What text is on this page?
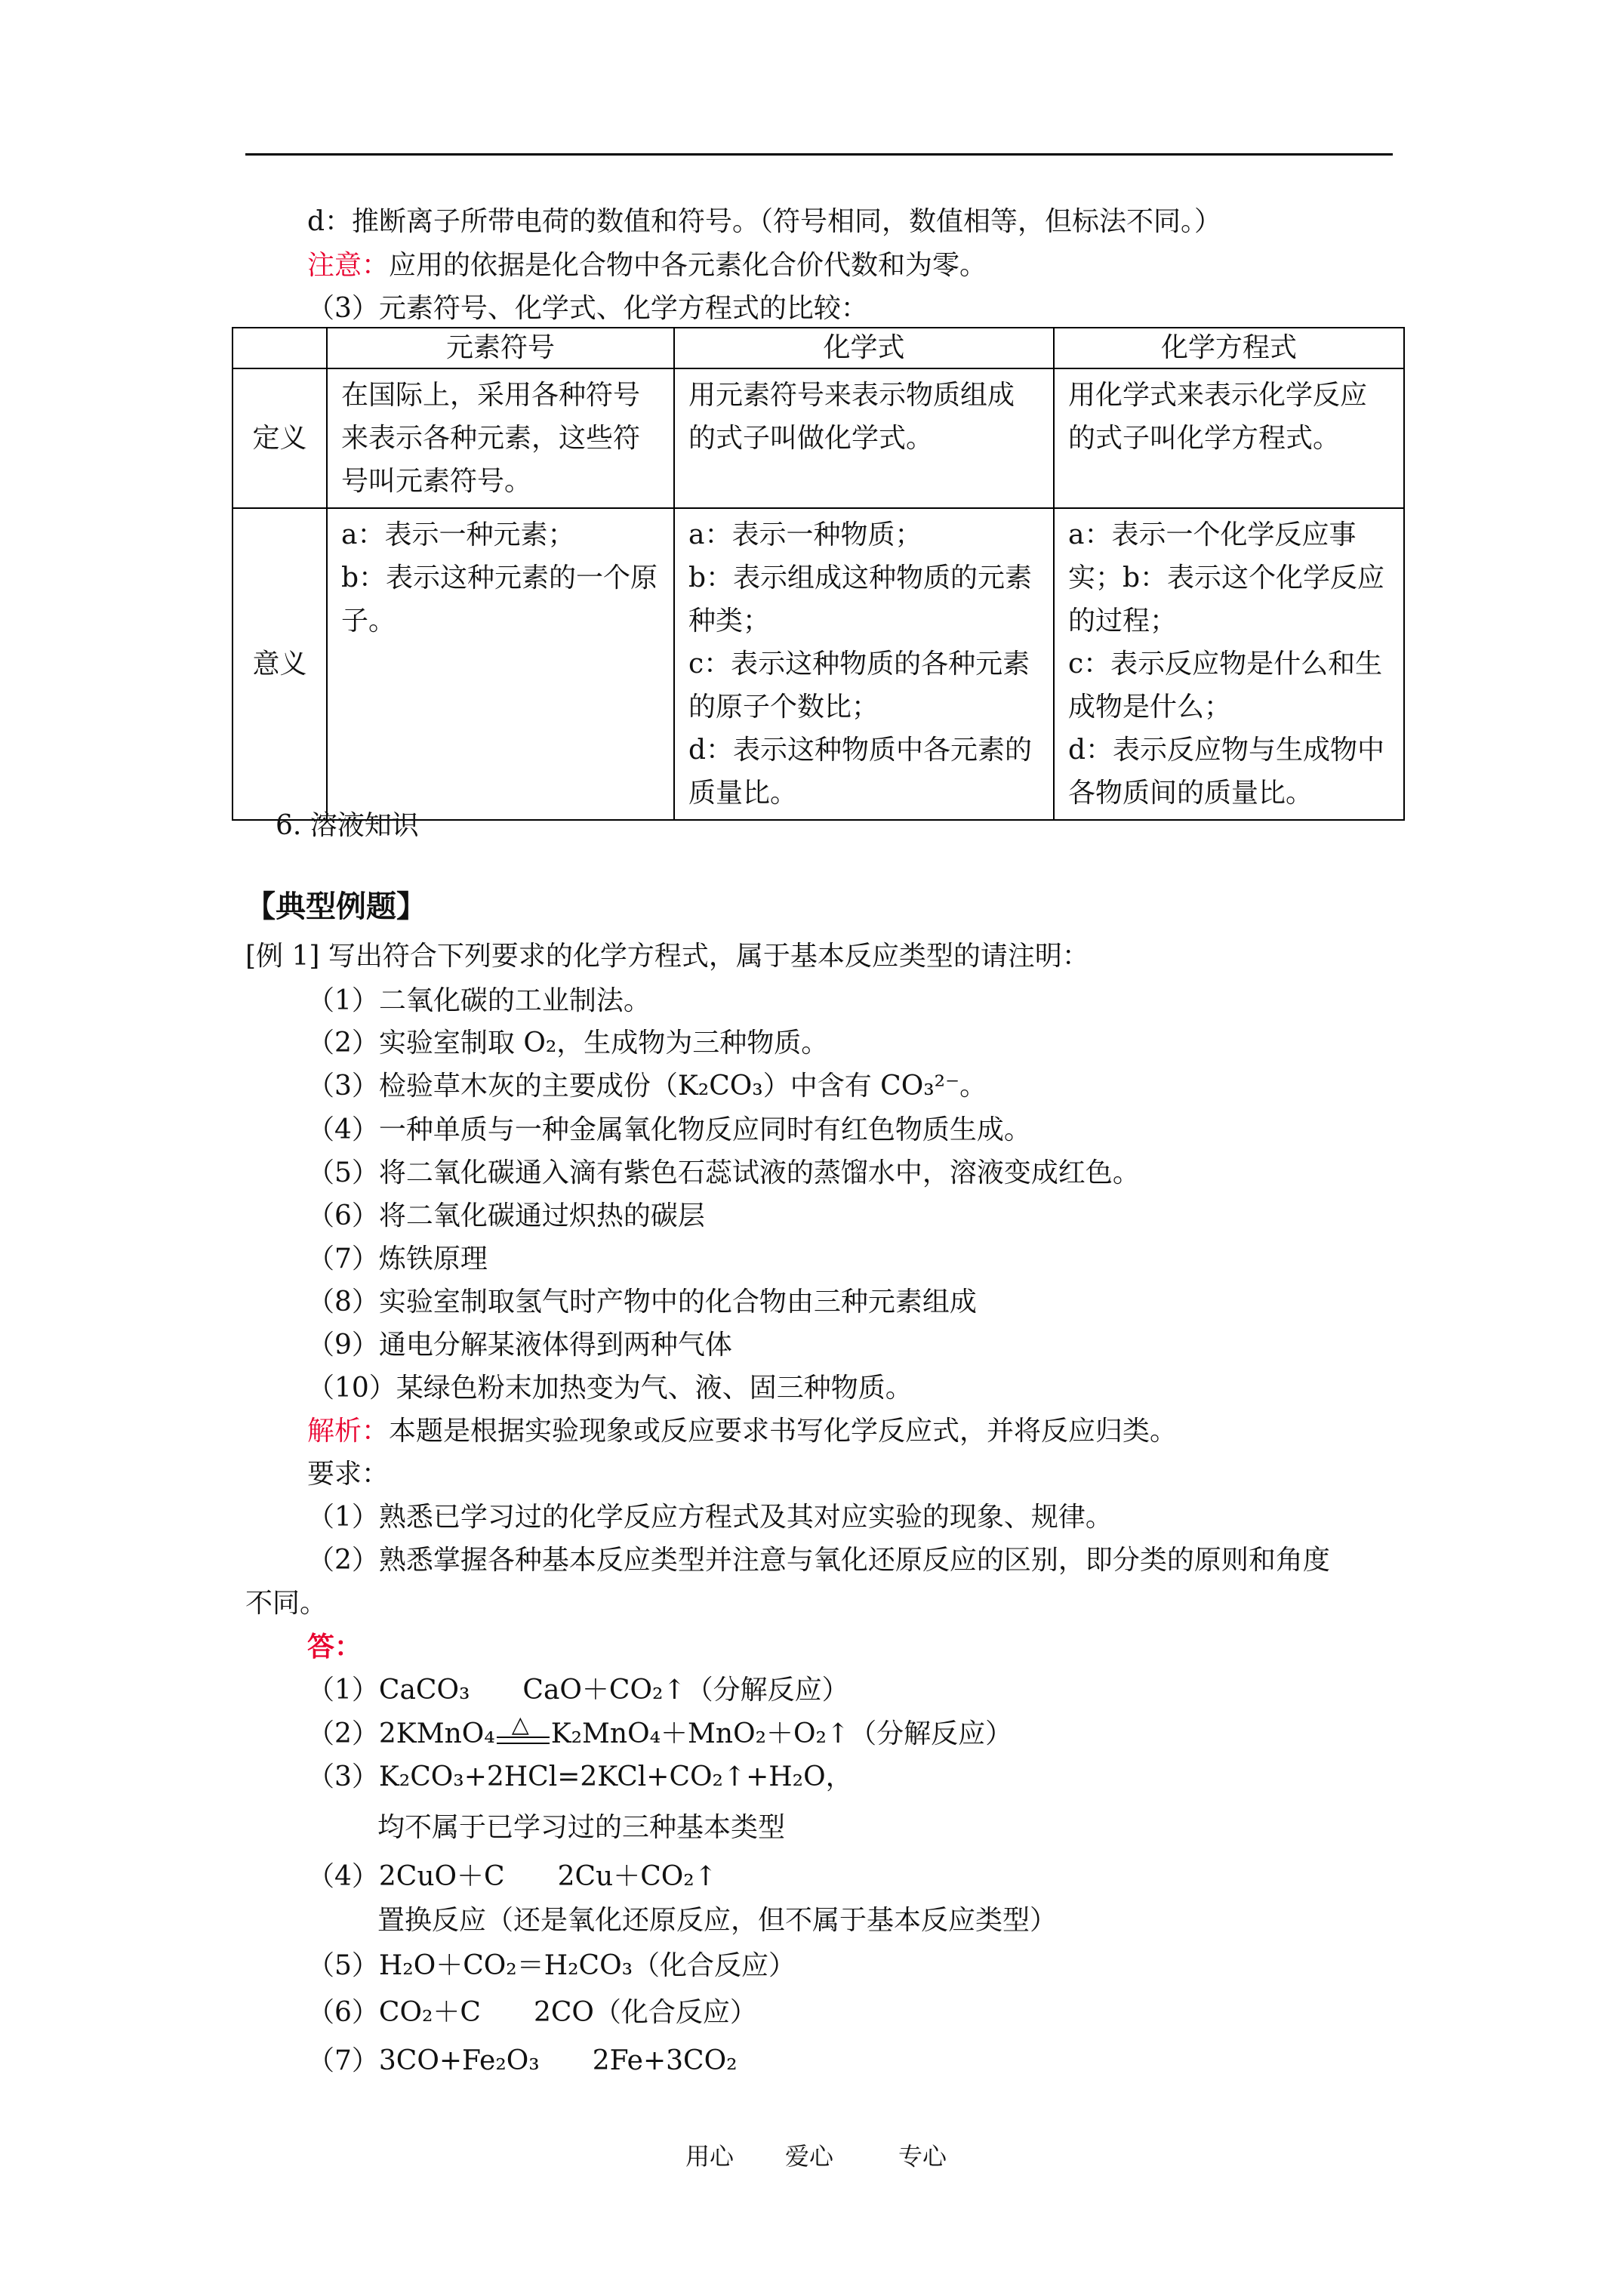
d：推断离子所带电荷的数值和符号。（符号相同，数值相等，但标法不同。）
注意：应用的依据是化合物中各元素化合价代数和为零。
（3）元素符号、化学式、化学方程式的比较：
	元素符号	化学式	化学方程式
定义	在国际上，采用各种符号来表示各种元素，这些符号叫元素符号。	用元素符号来表示物质组成的式子叫做化学式。	用化学式来表示化学反应的式子叫化学方程式。
意义	a：表示一种元素；
b：表示这种元素的一个原子。	a：表示一种物质；
b：表示组成这种物质的元素种类；
c：表示这种物质的各种元素的原子个数比；
d：表示这种物质中各元素的质量比。	a：表示一个化学反应事实；b：表示这个化学反应的过程；
c：表示反应物是什么和生成物是什么；
d：表示反应物与生成物中各物质间的质量比。
6. 溶液知识
【典型例题】
[例 1] 写出符合下列要求的化学方程式，属于基本反应类型的请注明：
（1）二氧化碳的工业制法。
（2）实验室制取 O₂，生成物为三种物质。
（3）检验草木灰的主要成份（K₂CO₃）中含有 CO₃²⁻。
（4）一种单质与一种金属氧化物反应同时有红色物质生成。
（5）将二氧化碳通入滴有紫色石蕊试液的蒸馏水中，溶液变成红色。
（6）将二氧化碳通过炽热的碳层
（7）炼铁原理
（8）实验室制取氢气时产物中的化合物由三种元素组成
（9）通电分解某液体得到两种气体
（10）某绿色粉末加热变为气、液、固三种物质。
解析：本题是根据实验现象或反应要求书写化学反应式，并将反应归类。
要求：
（1）熟悉已学习过的化学反应方程式及其对应实验的现象、规律。
（2）熟悉掌握各种基本反应类型并注意与氧化还原反应的区别，即分类的原则和角度
不同。
答：
（1）CaCO₃ CaO＋CO₂↑（分解反应）
（2）2KMnO₄ △ K₂MnO₄＋MnO₂＋O₂↑（分解反应）
（3）K₂CO₃+2HCl=2KCl+CO₂↑+H₂O，
均不属于已学习过的三种基本类型
（4）2CuO＋C 2Cu＋CO₂↑
置换反应（还是氧化还原反应，但不属于基本反应类型）
（5）H₂O＋CO₂＝H₂CO₃（化合反应）
（6）CO₂＋C 2CO（化合反应）
（7）3CO+Fe₂O₃ 2Fe+3CO₂
用心 爱心	专心
